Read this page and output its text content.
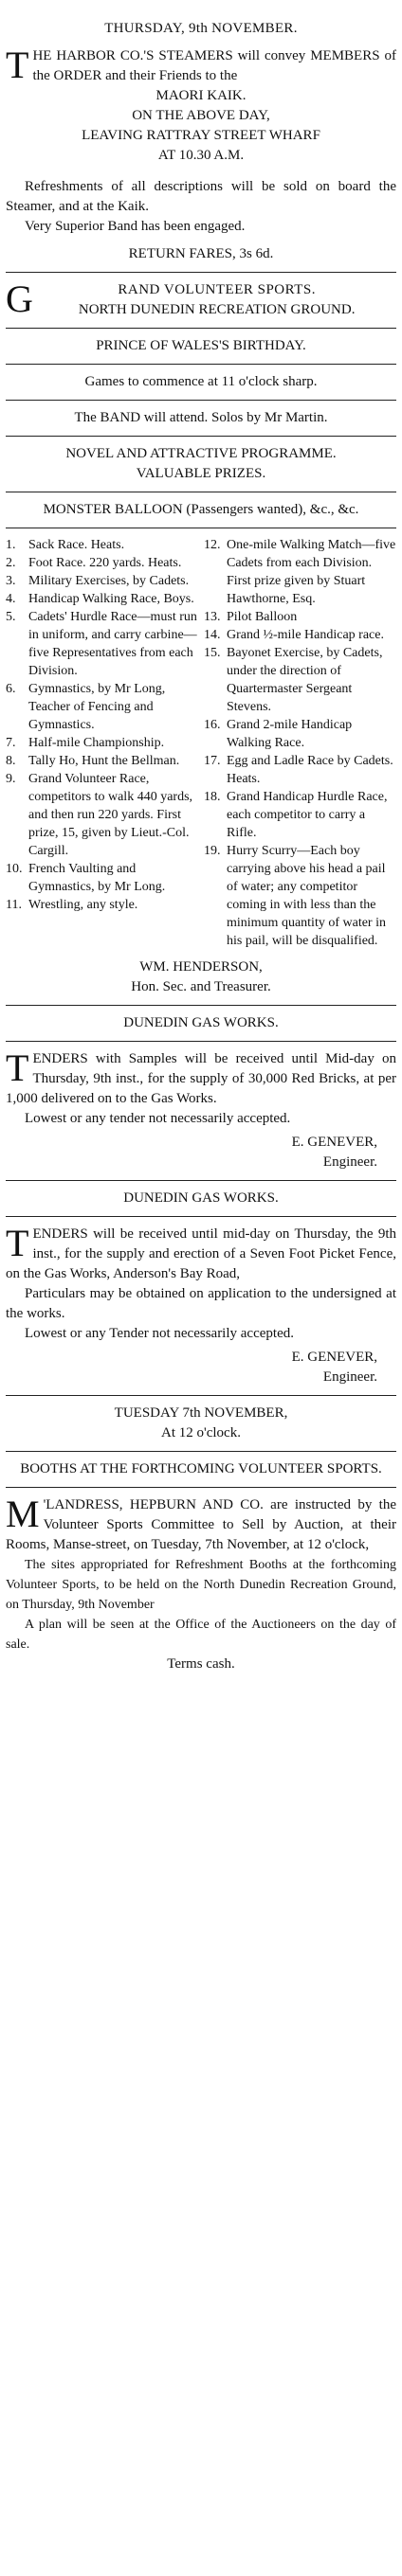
THURSDAY, 9th NOVEMBER.
THE HARBOR CO.'S STEAMERS will convey MEMBERS of the ORDER and their Friends to the
MAORI KAIK.
ON THE ABOVE DAY,
LEAVING RATTRAY STREET WHARF
AT 10.30 A.M.
Refreshments of all descriptions will be sold on board the Steamer, and at the Kaik.
Very Superior Band has been engaged.
RETURN FARES, 3s 6d.
G	RAND VOLUNTEER SPORTS.
NORTH DUNEDIN RECREATION GROUND.
PRINCE OF WALES'S BIRTHDAY.
Games to commence at 11 o'clock sharp.
The BAND will attend. Solos by Mr Martin.
NOVEL AND ATTRACTIVE PROGRAMME.
VALUABLE PRIZES.
MONSTER BALLOON (Passengers wanted), &c., &c.
1. Sack Race. Heats.
2. Foot Race. 220 yards. Heats.
3. Military Exercises, by Cadets.
4. Handicap Walking Race, Boys.
5. Cadets' Hurdle Race—must run in uniform, and carry carbine—five Representatives from each Division.
6. Gymnastics, by Mr Long, Teacher of Fencing and Gymnastics.
7. Half-mile Championship.
8. Tally Ho, Hunt the Bellman.
9. Grand Volunteer Race, competitors to walk 440 yards, and then run 220 yards. First prize, 15, given by Lieut.-Col. Cargill.
10. French Vaulting and Gymnastics, by Mr Long.
11. Wrestling, any style.
12. One-mile Walking Match—five Cadets from each Division. First prize given by Stuart Hawthorne, Esq.
13. Pilot Balloon
14. Grand ½-mile Handicap race.
15. Bayonet Exercise, by Cadets, under the direction of Quartermaster Sergeant Stevens.
16. Grand 2-mile Handicap Walking Race.
17. Egg and Ladle Race by Cadets. Heats.
18. Grand Handicap Hurdle Race, each competitor to carry a Rifle.
19. Hurry Scurry—Each boy carrying above his head a pail of water; any competitor coming in with less than the minimum quantity of water in his pail, will be disqualified.
WM. HENDERSON,
Hon. Sec. and Treasurer.
DUNEDIN GAS WORKS.
TENDERS with Samples will be received until Mid-day on Thursday, 9th inst., for the supply of 30,000 Red Bricks, at per 1,000 delivered on to the Gas Works.
Lowest or any tender not necessarily accepted.
E. GENEVER,
Engineer.
DUNEDIN GAS WORKS.
TENDERS will be received until mid-day on Thursday, the 9th inst., for the supply and erection of a Seven Foot Picket Fence, on the Gas Works, Anderson's Bay Road,
Particulars may be obtained on application to the undersigned at the works.
Lowest or any Tender not necessarily accepted.
E. GENEVER,
Engineer.
TUESDAY 7th NOVEMBER,
At 12 o'clock.
BOOTHS AT THE FORTHCOMING VOLUNTEER SPORTS.
M 'LANDRESS, HEPBURN AND CO. are instructed by the Volunteer Sports Committee to Sell by Auction, at their Rooms, Manse-street, on Tuesday, 7th November, at 12 o'clock,
The sites appropriated for Refreshment Booths at the forthcoming Volunteer Sports, to be held on the North Dunedin Recreation Ground, on Thursday, 9th November
A plan will be seen at the Office of the Auctioneers on the day of sale.
Terms cash.
